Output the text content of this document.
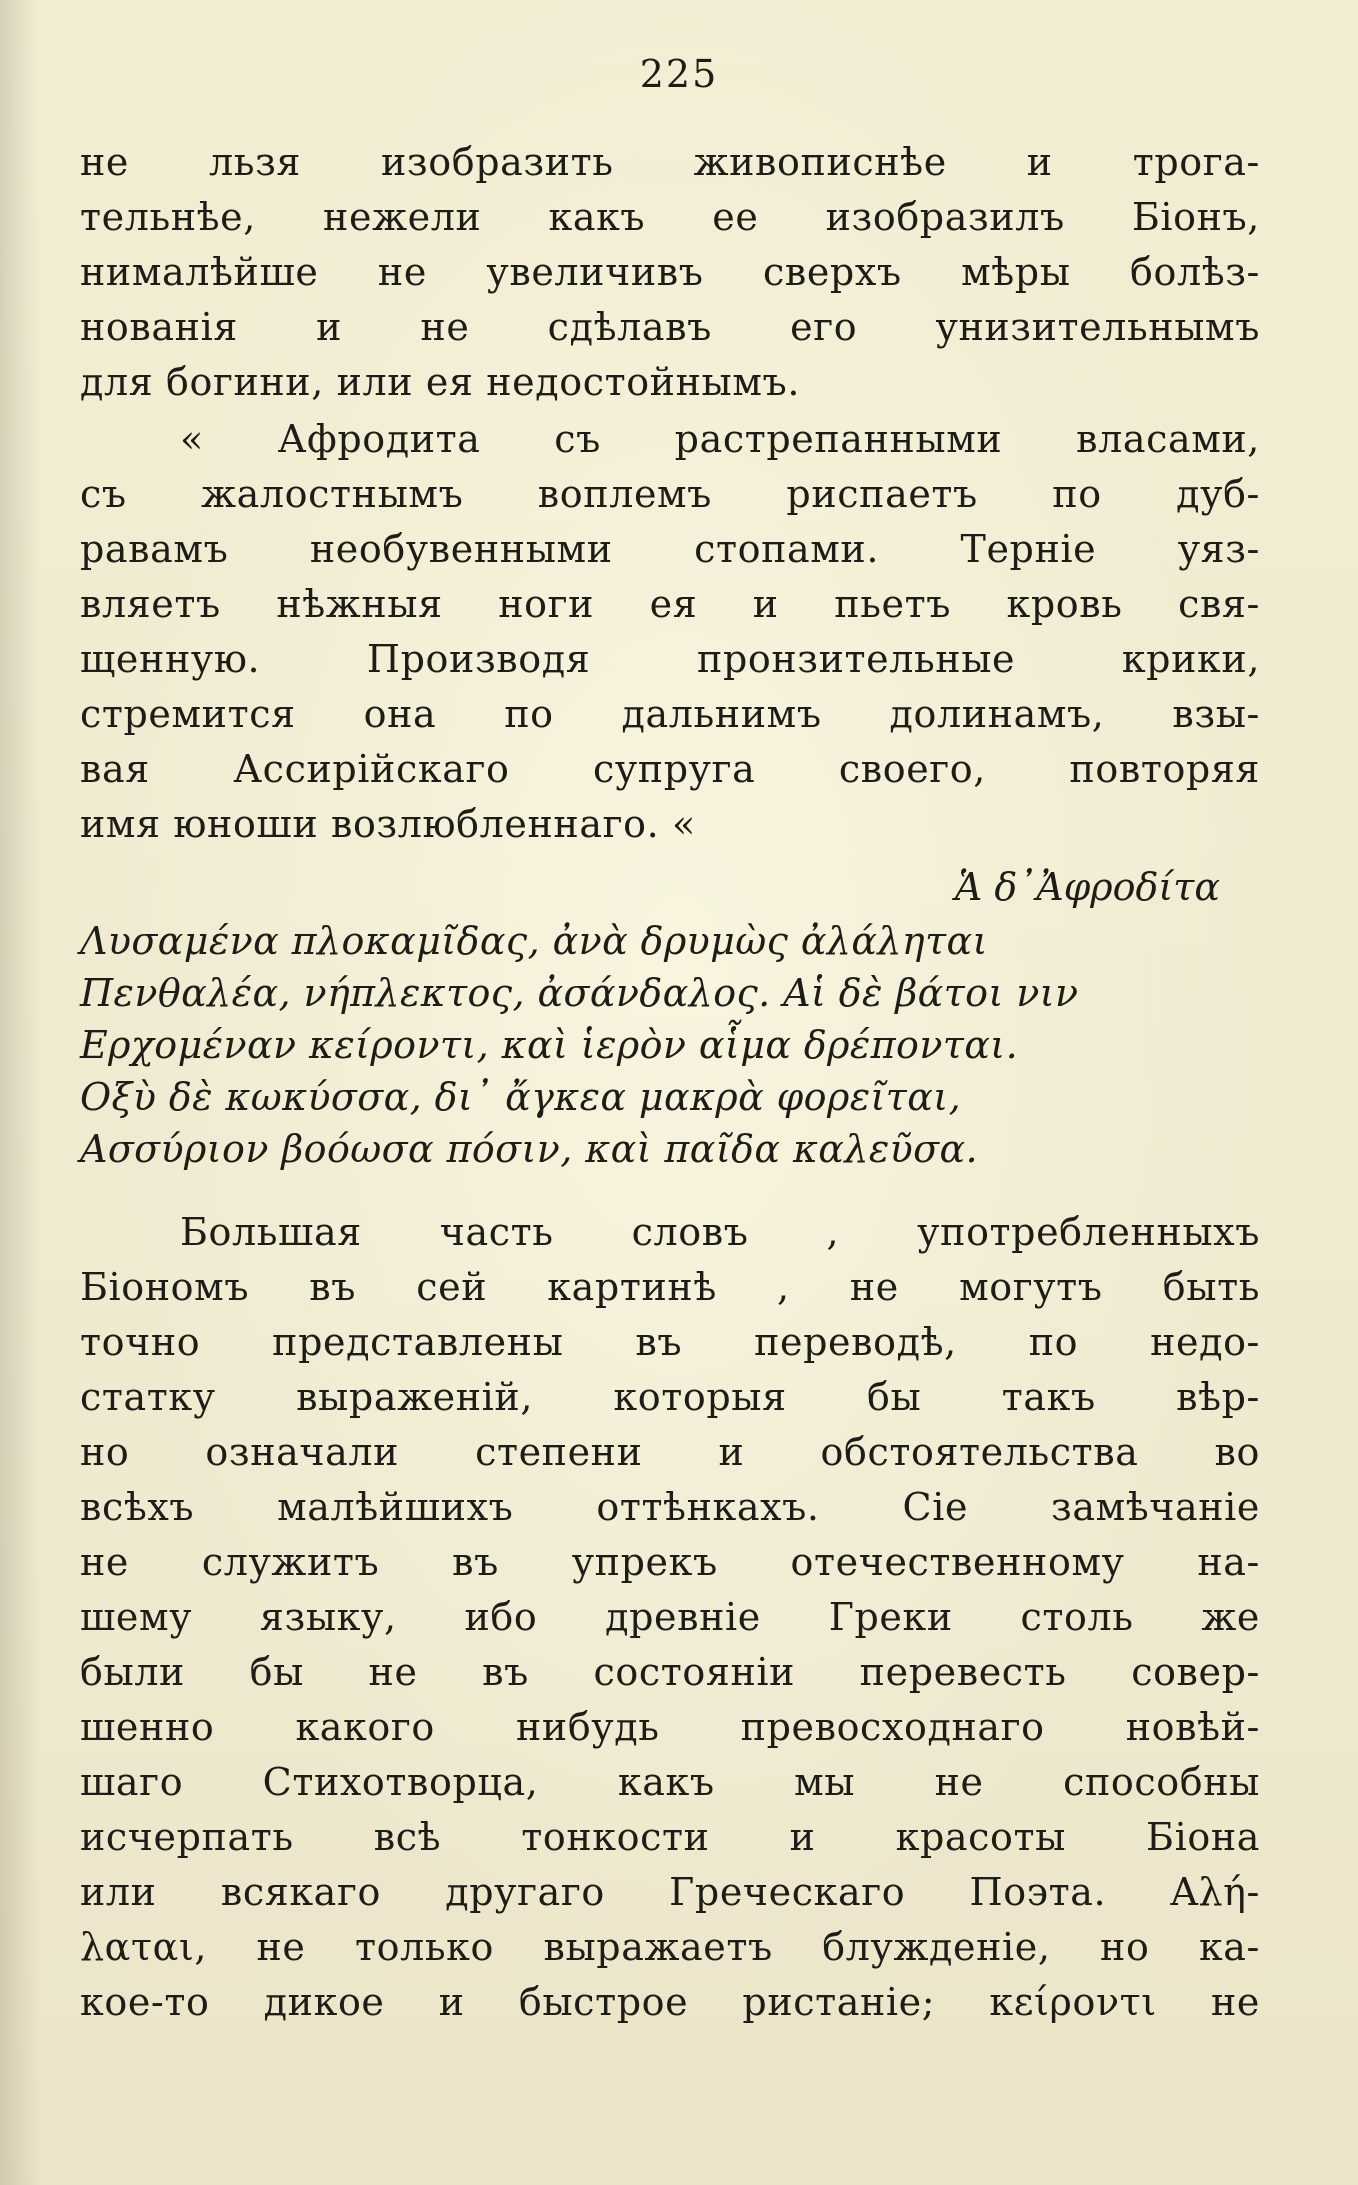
225
не льзя изобразить живописнѣе и трога-
тельнѣе, нежели какъ ее изобразилъ Біонъ,
нималѣйше не увеличивъ сверхъ мѣры болѣз-
нованія и не сдѣлавъ его унизительнымъ
для богини, или ея недостойнымъ.
« Афродита съ растрепанными власами,
съ жалостнымъ воплемъ риспаетъ по дуб-
равамъ необувенными стопами. Терніе уяз-
вляетъ нѣжныя ноги ея и пьетъ кровь свя-
щенную. Производя пронзительные крики,
стремится она по дальнимъ долинамъ, взы-
вая Ассирійскаго супруга своего, повторяя
имя юноши возлюбленнаго. «
Ἁ δ᾽Ἀφροδίτα
Λυσαμένα πλοκαμῖδας, ἀνὰ δρυμὼς ἀλάληται
Πενθαλέα, νήπλεκτος, ἀσάνδαλος. Αἱ δὲ βάτοι νιν
Ερχομέναν κείροντι, καὶ ἱερὸν αἷμα δρέπονται.
Οξὺ δὲ κωκύσσα, δι᾽ ἄγκεα μακρὰ φορεῖται,
Ασσύριον βοόωσα πόσιν, καὶ παῖδα καλεῦσα.
Большая часть словъ , употребленныхъ
Біономъ въ сей картинѣ , не могутъ быть
точно представлены въ переводѣ, по недо-
статку выраженій, которыя бы такъ вѣр-
но означали степени и обстоятельства во
всѣхъ малѣйшихъ оттѣнкахъ. Сіе замѣчаніе
не служитъ въ упрекъ отечественному на-
шему языку, ибо древніе Греки столь же
были бы не въ состояніи перевесть совер-
шенно какого нибудь превосходнаго новѣй-
шаго Стихотворца, какъ мы не способны
исчерпать всѣ тонкости и красоты Біона
или всякаго другаго Греческаго Поэта. Αλή-
λαται, не только выражаетъ блужденіе, но ка-
кое-то дикое и быстрое ристаніе; κείροντι не
